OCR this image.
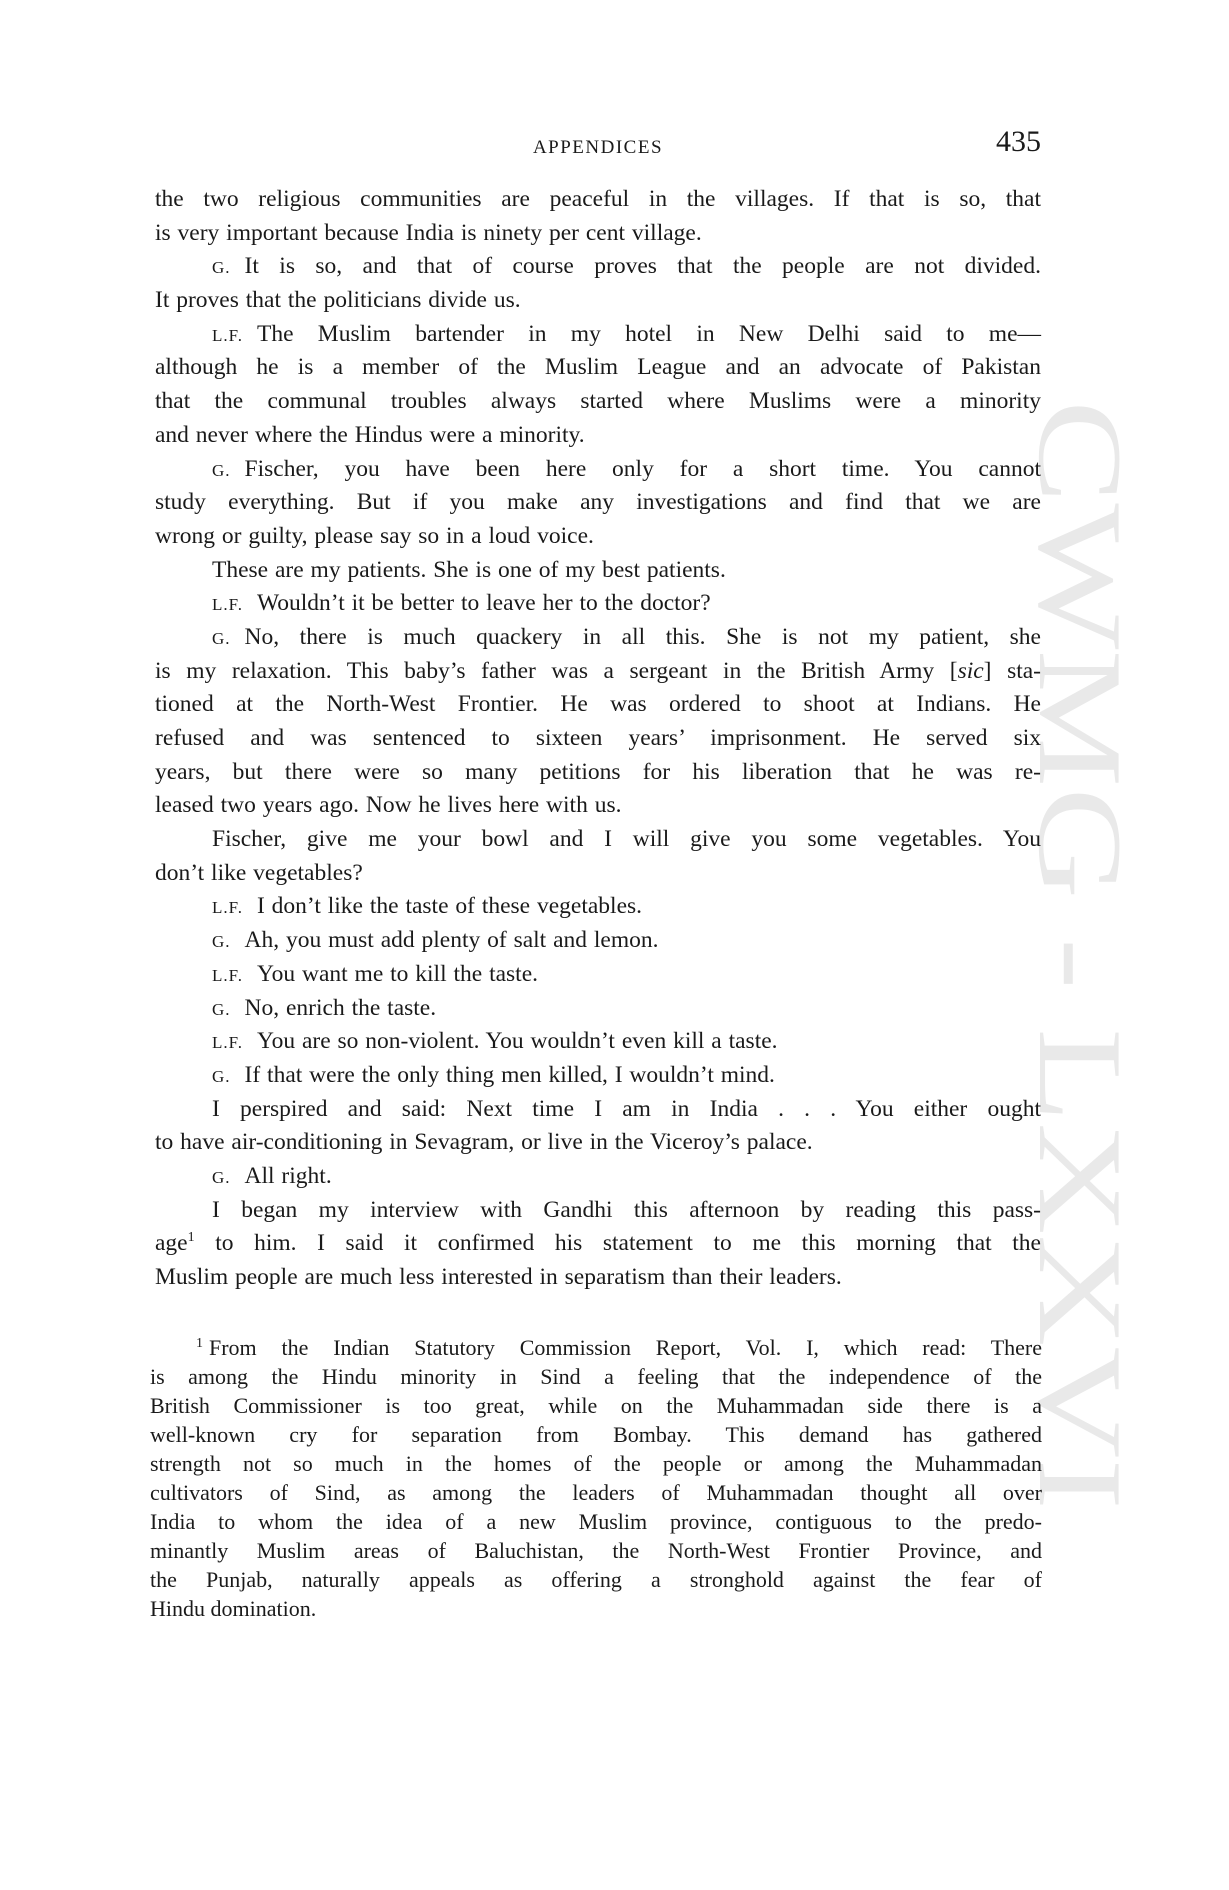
CWMG LXXVI
APPENDICES	435
the two religious communities are peaceful in the villages. If that is so, that
is very important because India is ninety per cent village.
G. It is so, and that of course proves that the people are not divided.
It proves that the politicians divide us.
L.F. The Muslim bartender in my hotel in New Delhi said to me—
although he is a member of the Muslim League and an advocate of Pakistan
that the communal troubles always started where Muslims were a minority
and never where the Hindus were a minority.
G. Fischer, you have been here only for a short time. You cannot
study everything. But if you make any investigations and find that we are
wrong or guilty, please say so in a loud voice.
These are my patients. She is one of my best patients.
L.F. Wouldn’t it be better to leave her to the doctor?
G. No, there is much quackery in all this. She is not my patient, she
is my relaxation. This baby’s father was a sergeant in the British Army [sic] sta-
tioned at the North-West Frontier. He was ordered to shoot at Indians. He
refused and was sentenced to sixteen years’ imprisonment. He served six
years, but there were so many petitions for his liberation that he was re-
leased two years ago. Now he lives here with us.
Fischer, give me your bowl and I will give you some vegetables. You
don’t like vegetables?
L.F. I don’t like the taste of these vegetables.
G. Ah, you must add plenty of salt and lemon.
L.F. You want me to kill the taste.
G. No, enrich the taste.
L.F. You are so non-violent. You wouldn’t even kill a taste.
G. If that were the only thing men killed, I wouldn’t mind.
I perspired and said: Next time I am in India . . . You either ought
to have air-conditioning in Sevagram, or live in the Viceroy’s palace.
G. All right.
I began my interview with Gandhi this afternoon by reading this pass-
age$^1$ to him. I said it confirmed his statement to me this morning that the
Muslim people are much less interested in separatism than their leaders.
$^1$ From the Indian Statutory Commission Report, Vol. I, which read: There
is among the Hindu minority in Sind a feeling that the independence of the
British Commissioner is too great, while on the Muhammadan side there is a
well-known cry for separation from Bombay. This demand has gathered
strength not so much in the homes of the people or among the Muhammadan
cultivators of Sind, as among the leaders of Muhammadan thought all over
India to whom the idea of a new Muslim province, contiguous to the predo-
minantly Muslim areas of Baluchistan, the North-West Frontier Province, and
the Punjab, naturally appeals as offering a stronghold against the fear of
Hindu domination.
